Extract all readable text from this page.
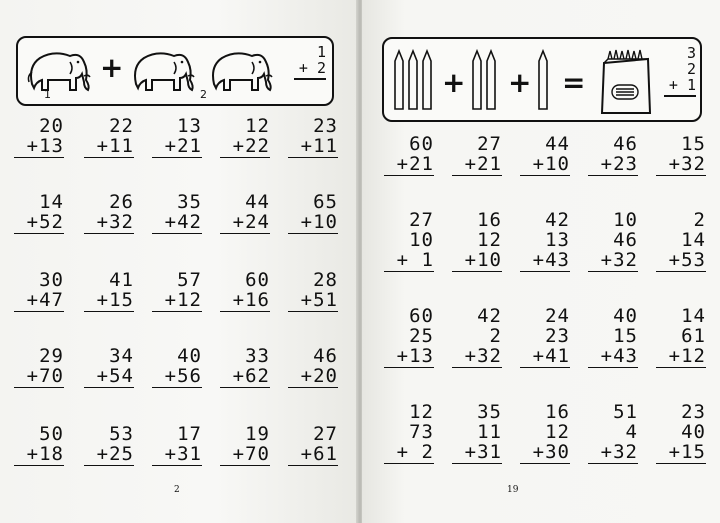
1
+
2
1
+ 2
20
+13
22
+11
13
+21
12
+22
23
+11
14
+52
26
+32
35
+42
44
+24
65
+10
30
+47
41
+15
57
+12
60
+16
28
+51
29
+70
34
+54
40
+56
33
+62
46
+20
50
+18
53
+25
17
+31
19
+70
27
+61
2
+ + =
3
2
+ 1
60
+21
27
+21
44
+10
46
+23
15
+32
27
10
+ 1
16
12
+10
42
13
+43
10
46
+32
2
14
+53
60
25
+13
42
2
+32
24
23
+41
40
15
+43
14
61
+12
12
73
+ 2
35
11
+31
16
12
+30
51
4
+32
23
40
+15
19
